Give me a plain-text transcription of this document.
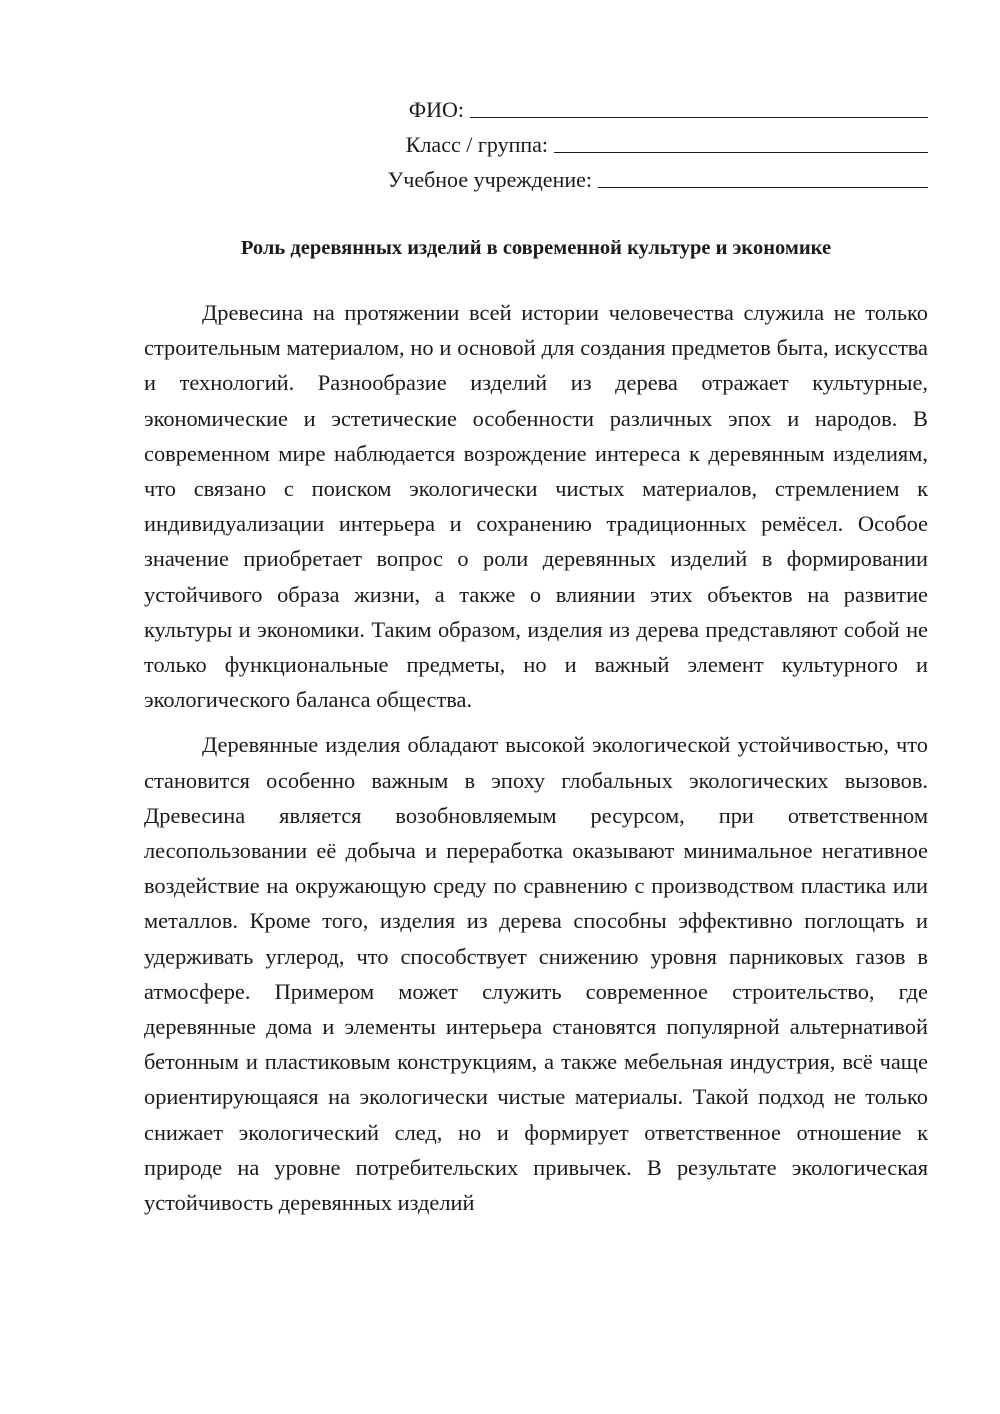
ФИО:
Класс / группа:
Учебное учреждение:
Роль деревянных изделий в современной культуре и экономике

Древесина на протяжении всей истории человечества служила не только строительным материалом, но и основой для создания предметов быта, искусства и технологий. Разнообразие изделий из дерева отражает культурные, экономические и эстетические особенности различных эпох и народов. В современном мире наблюдается возрождение интереса к деревянным изделиям, что связано с поиском экологически чистых материалов, стремлением к индивидуализации интерьера и сохранению традиционных ремёсел. Особое значение приобретает вопрос о роли деревянных изделий в формировании устойчивого образа жизни, а также о влиянии этих объектов на развитие культуры и экономики. Таким образом, изделия из дерева представляют собой не только функциональные предметы, но и важный элемент культурного и экологического баланса общества.

Деревянные изделия обладают высокой экологической устойчивостью, что становится особенно важным в эпоху глобальных экологических вызовов. Древесина является возобновляемым ресурсом, при ответственном лесопользовании её добыча и переработка оказывают минимальное негативное воздействие на окружающую среду по сравнению с производством пластика или металлов. Кроме того, изделия из дерева способны эффективно поглощать и удерживать углерод, что способствует снижению уровня парниковых газов в атмосфере. Примером может служить современное строительство, где деревянные дома и элементы интерьера становятся популярной альтернативой бетонным и пластиковым конструкциям, а также мебельная индустрия, всё чаще ориентирующаяся на экологически чистые материалы. Такой подход не только снижает экологический след, но и формирует ответственное отношение к природе на уровне потребительских привычек. В результате экологическая устойчивость деревянных изделий
